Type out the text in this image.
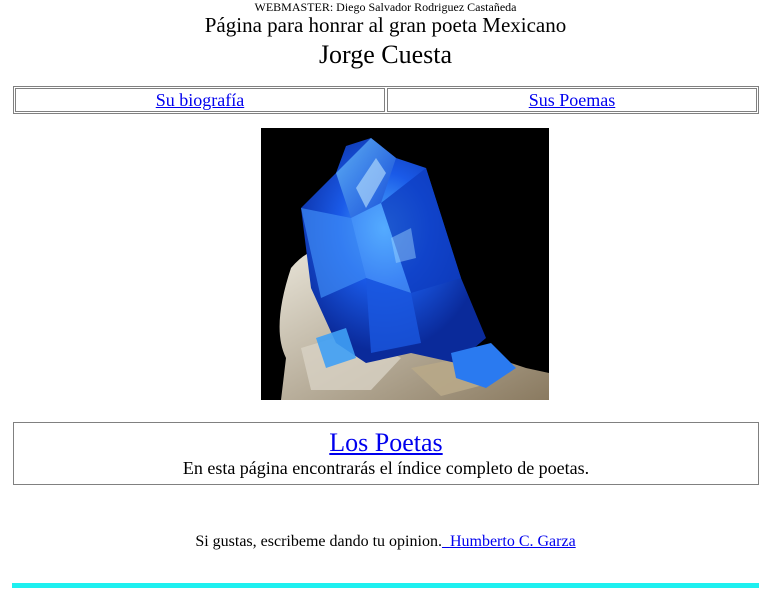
WEBMASTER: Diego Salvador Rodriguez Castañeda
Página para honrar al gran poeta Mexicano
Jorge Cuesta
Su biografía	Sus Poemas
Los Poetas
En esta página encontrarás el índice completo de poetas.
Si gustas, escribeme dando tu opinion. Humberto C. Garza
